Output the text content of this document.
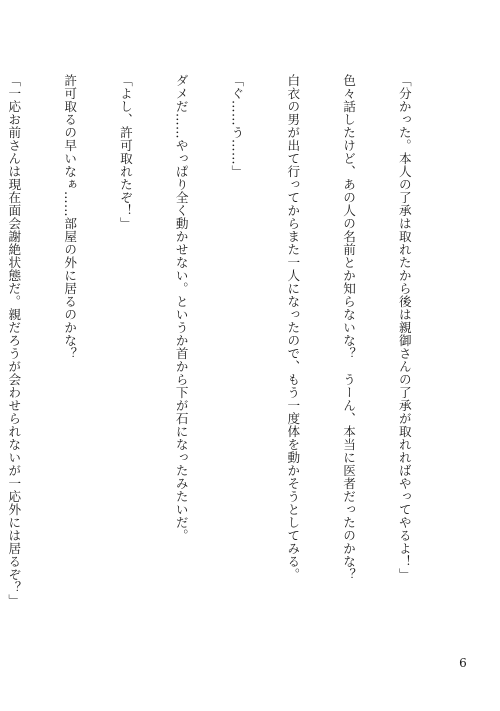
「分かった。本人の了承は取れたから後は親御さんの了承が取れればやってやるよ！」

色々話したけど、あの人の名前とか知らないな？　うーん、本当に医者だったのかな？

白衣の男が出て行ってからまた一人になったので、もう一度体を動かそうとしてみる。

「ぐ……う……」

ダメだ……やっぱり全く動かせない。というか首から下が石になったみたいだ。

「よし、許可取れたぞ！」

許可取るの早いなぁ……部屋の外に居るのかな？

「一応お前さんは現在面会謝絶状態だ。親だろうが会わせられないが一応外には居るぞ？」

6
